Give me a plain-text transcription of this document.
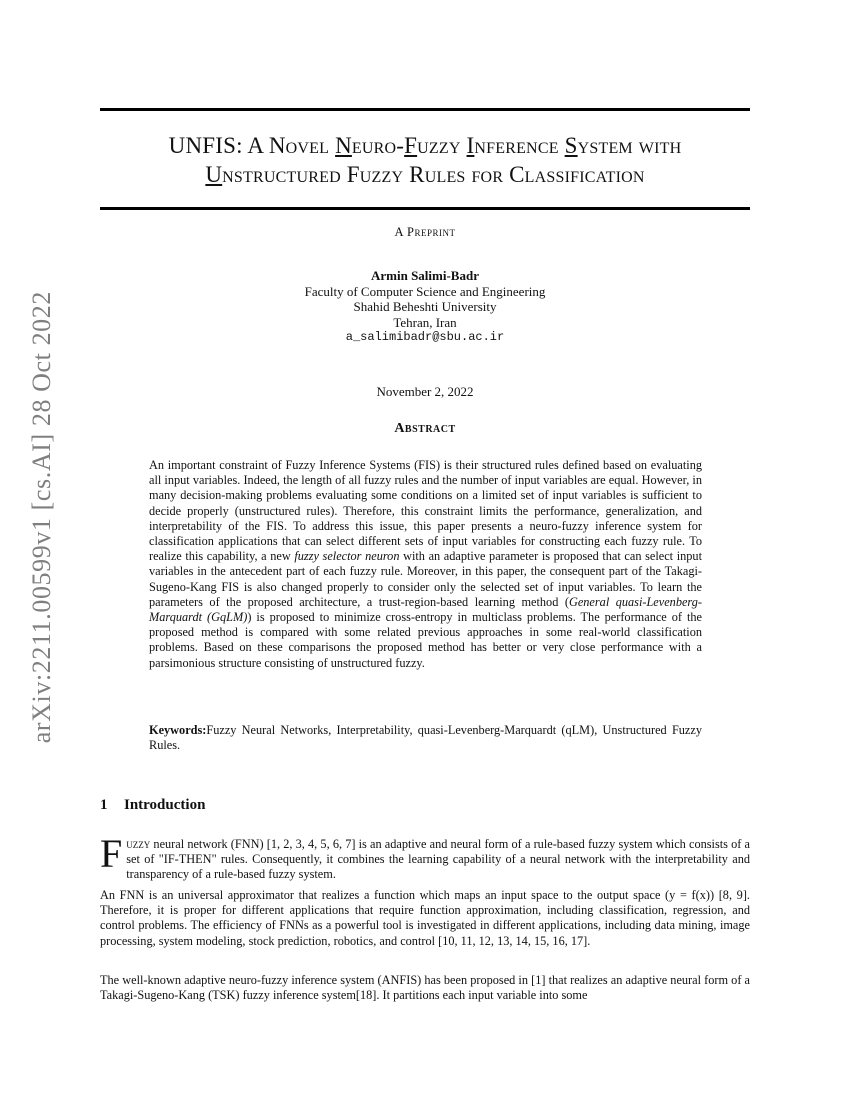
arXiv:2211.00599v1 [cs.AI] 28 Oct 2022
UNFIS: A Novel Neuro-Fuzzy Inference System with
Unstructured Fuzzy Rules for Classification
A Preprint
Armin Salimi-Badr
Faculty of Computer Science and Engineering
Shahid Beheshti University
Tehran, Iran
a_salimibadr@sbu.ac.ir
November 2, 2022
Abstract
An important constraint of Fuzzy Inference Systems (FIS) is their structured rules defined based on evaluating all input variables. Indeed, the length of all fuzzy rules and the number of input variables are equal. However, in many decision-making problems evaluating some conditions on a limited set of input variables is sufficient to decide properly (unstructured rules). Therefore, this constraint limits the performance, generalization, and interpretability of the FIS. To address this issue, this paper presents a neuro-fuzzy inference system for classification applications that can select different sets of input variables for constructing each fuzzy rule. To realize this capability, a new fuzzy selector neuron with an adaptive parameter is proposed that can select input variables in the antecedent part of each fuzzy rule. Moreover, in this paper, the consequent part of the Takagi-Sugeno-Kang FIS is also changed properly to consider only the selected set of input variables. To learn the parameters of the proposed architecture, a trust-region-based learning method (General quasi-Levenberg-Marquardt (GqLM)) is proposed to minimize cross-entropy in multiclass problems. The performance of the proposed method is compared with some related previous approaches in some real-world classification problems. Based on these comparisons the proposed method has better or very close performance with a parsimonious structure consisting of unstructured fuzzy.
Keywords:Fuzzy Neural Networks, Interpretability, quasi-Levenberg-Marquardt (qLM), Unstructured Fuzzy Rules.
1 Introduction
Fuzzy neural network (FNN) [1, 2, 3, 4, 5, 6, 7] is an adaptive and neural form of a rule-based fuzzy system which consists of a set of "IF-THEN" rules. Consequently, it combines the learning capability of a neural network with the interpretability and transparency of a rule-based fuzzy system.
An FNN is an universal approximator that realizes a function which maps an input space to the output space (y = f(x)) [8, 9]. Therefore, it is proper for different applications that require function approximation, including classification, regression, and control problems. The efficiency of FNNs as a powerful tool is investigated in different applications, including data mining, image processing, system modeling, stock prediction, robotics, and control [10, 11, 12, 13, 14, 15, 16, 17].
The well-known adaptive neuro-fuzzy inference system (ANFIS) has been proposed in [1] that realizes an adaptive neural form of a Takagi-Sugeno-Kang (TSK) fuzzy inference system[18]. It partitions each input variable into some
